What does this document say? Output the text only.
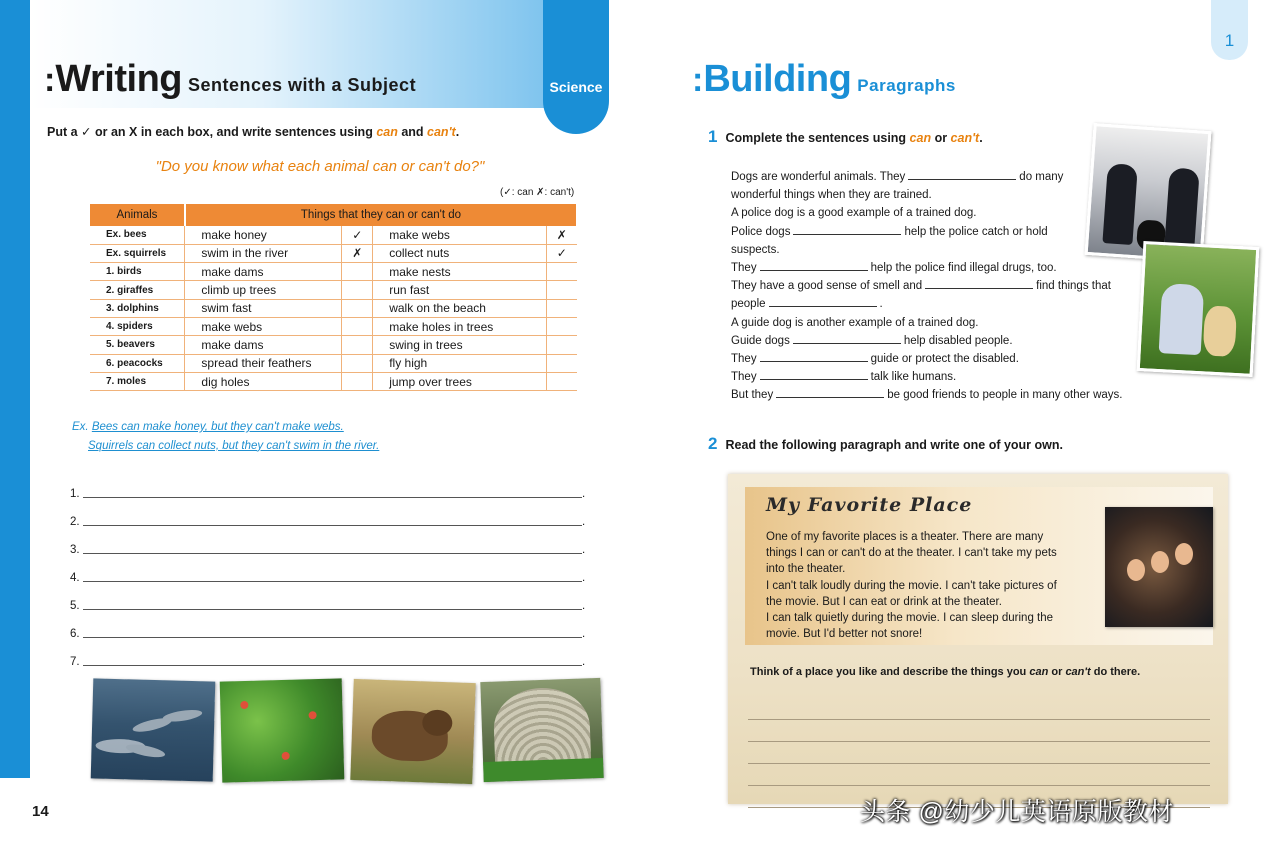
Science
:Writing Sentences with a Subject
Put a ✓ or an X in each box, and write sentences using can and can't.
"Do you know what each animal can or can't do?"
(✓: can ✗: can't)
Animals	Things that they can or can't do			
Ex. bees	make honey	✓	make webs	✗
Ex. squirrels	swim in the river	✗	collect nuts	✓
1. birds	make dams		make nests	
2. giraffes	climb up trees		run fast	
3. dolphins	swim fast		walk on the beach	
4. spiders	make webs		make holes in trees	
5. beavers	make dams		swing in trees	
6. peacocks	spread their feathers		fly high	
7. moles	dig holes		jump over trees	
Ex. Bees can make honey, but they can't make webs.
Squirrels can collect nuts, but they can't swim in the river.
1.	.
2.	.
3.	.
4.	.
5.	.
6.	.
7.	.
14
1
:Building Paragraphs
1 Complete the sentences using can or can't.
Dogs are wonderful animals. They	do many
wonderful things when they are trained.
A police dog is a good example of a trained dog.
Police dogs	help the police catch or hold
suspects.
They	help the police find illegal drugs, too.
They have a good sense of smell and	find things that
people	.
A guide dog is another example of a trained dog.
Guide dogs	help disabled people.
They	guide or protect the disabled.
They	talk like humans.
But they	be good friends to people in many other ways.
2 Read the following paragraph and write one of your own.
My Favorite Place
One of my favorite places is a theater. There are many
things I can or can't do at the theater. I can't take my pets
into the theater.
I can't talk loudly during the movie. I can't take pictures of
the movie. But I can eat or drink at the theater.
I can talk quietly during the movie. I can sleep during the
movie. But I'd better not snore!
Think of a place you like and describe the things you can or can't do there.
头条 @幼少儿英语原版教材
